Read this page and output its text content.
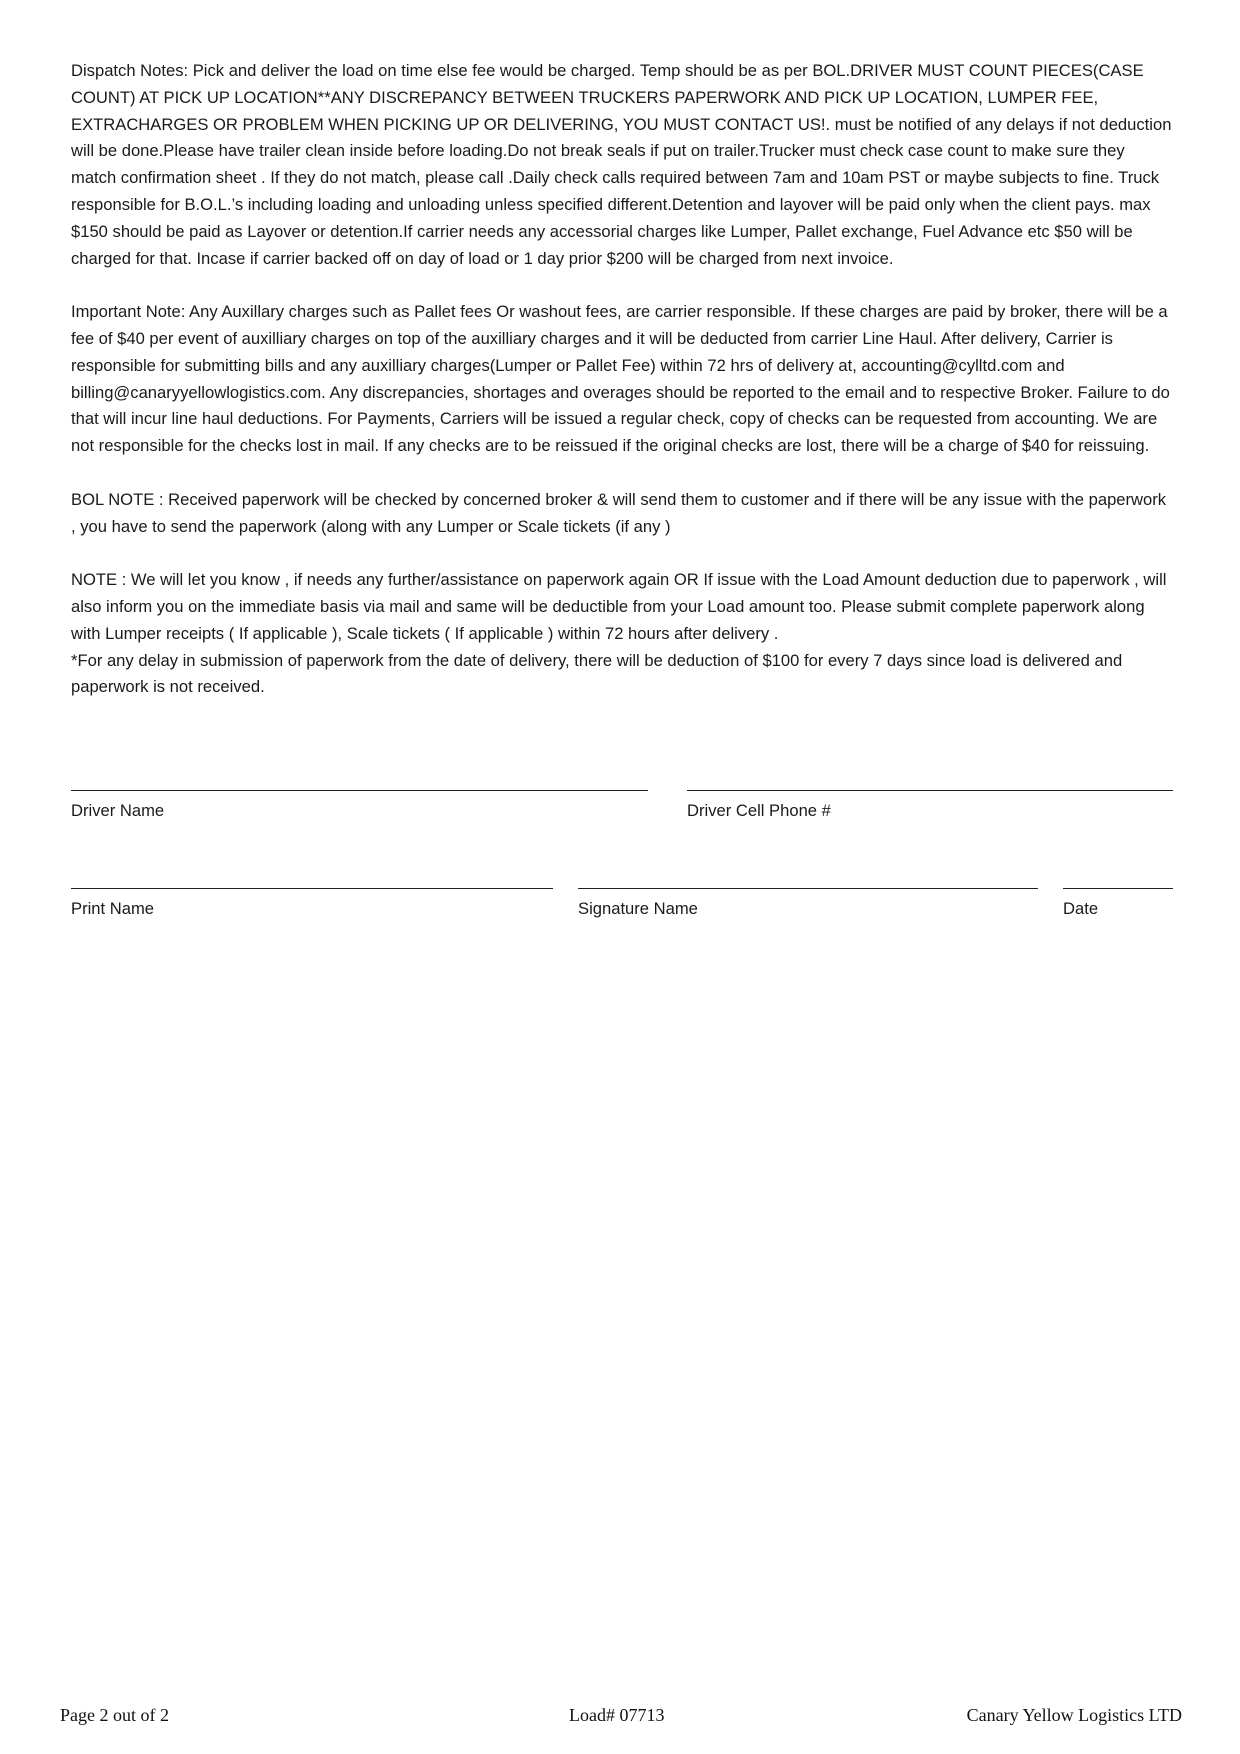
Dispatch Notes: Pick and deliver the load on time else fee would be charged. Temp should be as per BOL.DRIVER MUST COUNT PIECES(CASE COUNT) AT PICK UP LOCATION**ANY DISCREPANCY BETWEEN TRUCKERS PAPERWORK AND PICK UP LOCATION, LUMPER FEE, EXTRACHARGES OR PROBLEM WHEN PICKING UP OR DELIVERING, YOU MUST CONTACT US!. must be notified of any delays if not deduction will be done.Please have trailer clean inside before loading.Do not break seals if put on trailer.Trucker must check case count to make sure they match confirmation sheet . If they do not match, please call .Daily check calls required between 7am and 10am PST or maybe subjects to fine. Truck responsible for B.O.L.’s including loading and unloading unless specified different.Detention and layover will be paid only when the client pays. max $150 should be paid as Layover or detention.If carrier needs any accessorial charges like Lumper, Pallet exchange, Fuel Advance etc $50 will be charged for that. Incase if carrier backed off on day of load or 1 day prior $200 will be charged from next invoice.

Important Note: Any Auxillary charges such as Pallet fees Or washout fees, are carrier responsible. If these charges are paid by broker, there will be a fee of $40 per event of auxilliary charges on top of the auxilliary charges and it will be deducted from carrier Line Haul. After delivery, Carrier is responsible for submitting bills and any auxilliary charges(Lumper or Pallet Fee) within 72 hrs of delivery at, accounting@cylltd.com and billing@canaryyellowlogistics.com. Any discrepancies, shortages and overages should be reported to the email and to respective Broker. Failure to do that will incur line haul deductions. For Payments, Carriers will be issued a regular check, copy of checks can be requested from accounting. We are not responsible for the checks lost in mail. If any checks are to be reissued if the original checks are lost, there will be a charge of $40 for reissuing.

BOL NOTE : Received paperwork will be checked by concerned broker & will send them to customer and if there will be any issue with the paperwork , you have to send the paperwork (along with any Lumper or Scale tickets (if any )

NOTE : We will let you know , if needs any further/assistance on paperwork again OR If issue with the Load Amount deduction due to paperwork , will also inform you on the immediate basis via mail and same will be deductible from your Load amount too. Please submit complete paperwork along with Lumper receipts ( If applicable ), Scale tickets ( If applicable ) within 72 hours after delivery .
*For any delay in submission of paperwork from the date of delivery, there will be deduction of $100 for every 7 days since load is delivered and paperwork is not received.

Driver Name	Driver Cell Phone #
Print Name	Signature Name	Date
Page 2 out of 2	Load# 07713	Canary Yellow Logistics LTD
